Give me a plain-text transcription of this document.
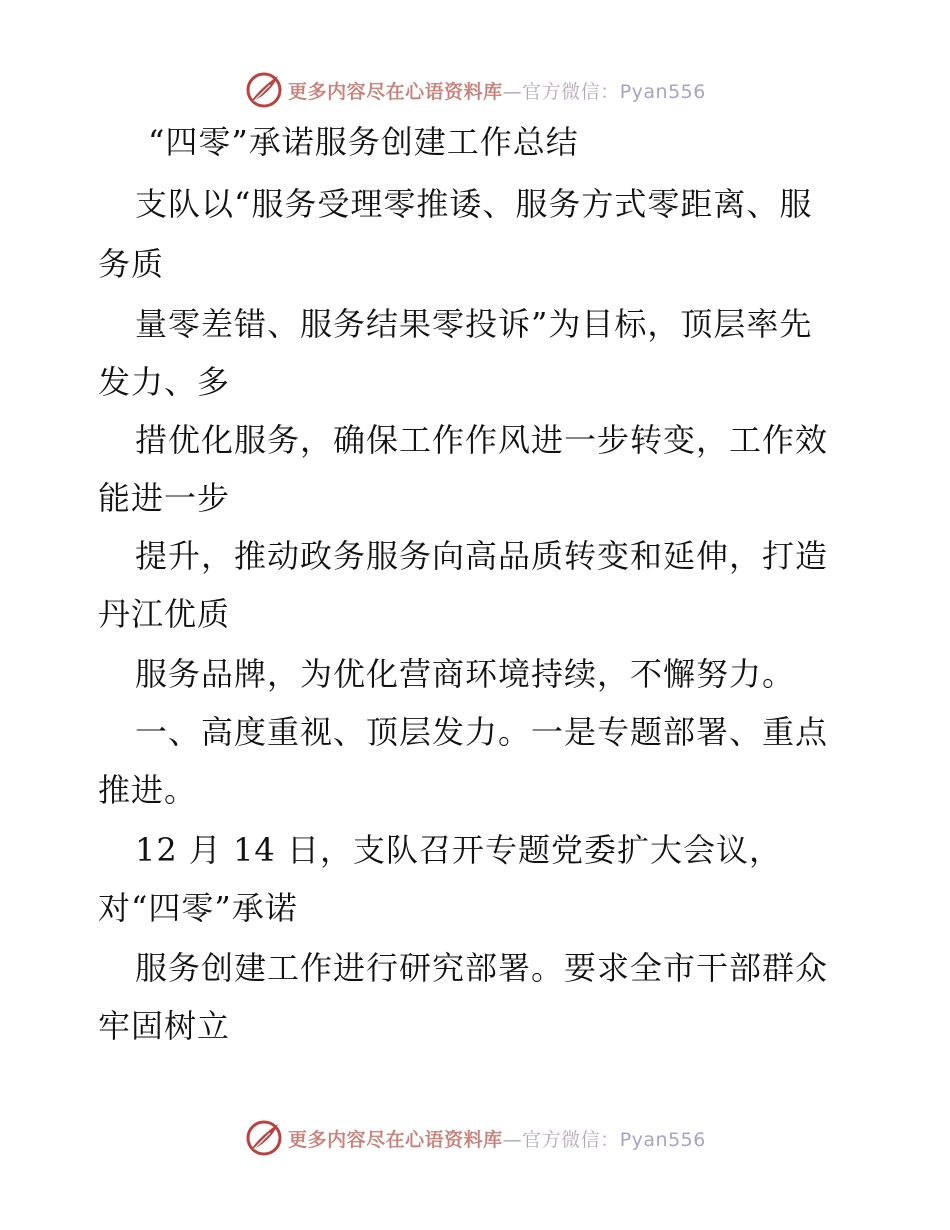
更多内容尽在心语资料库—官方微信：Pyan556
“四零”承诺服务创建工作总结
支队以“服务受理零推诿、服务方式零距离、服
务质
量零差错、服务结果零投诉”为目标，顶层率先
发力、多
措优化服务，确保工作作风进一步转变，工作效
能进一步
提升，推动政务服务向高品质转变和延伸，打造
丹江优质
服务品牌，为优化营商环境持续，不懈努力。
一、高度重视、顶层发力。一是专题部署、重点
推进。
12 月 14 日，支队召开专题党委扩大会议，
对“四零”承诺
服务创建工作进行研究部署。要求全市干部群众
牢固树立
更多内容尽在心语资料库—官方微信：Pyan556
